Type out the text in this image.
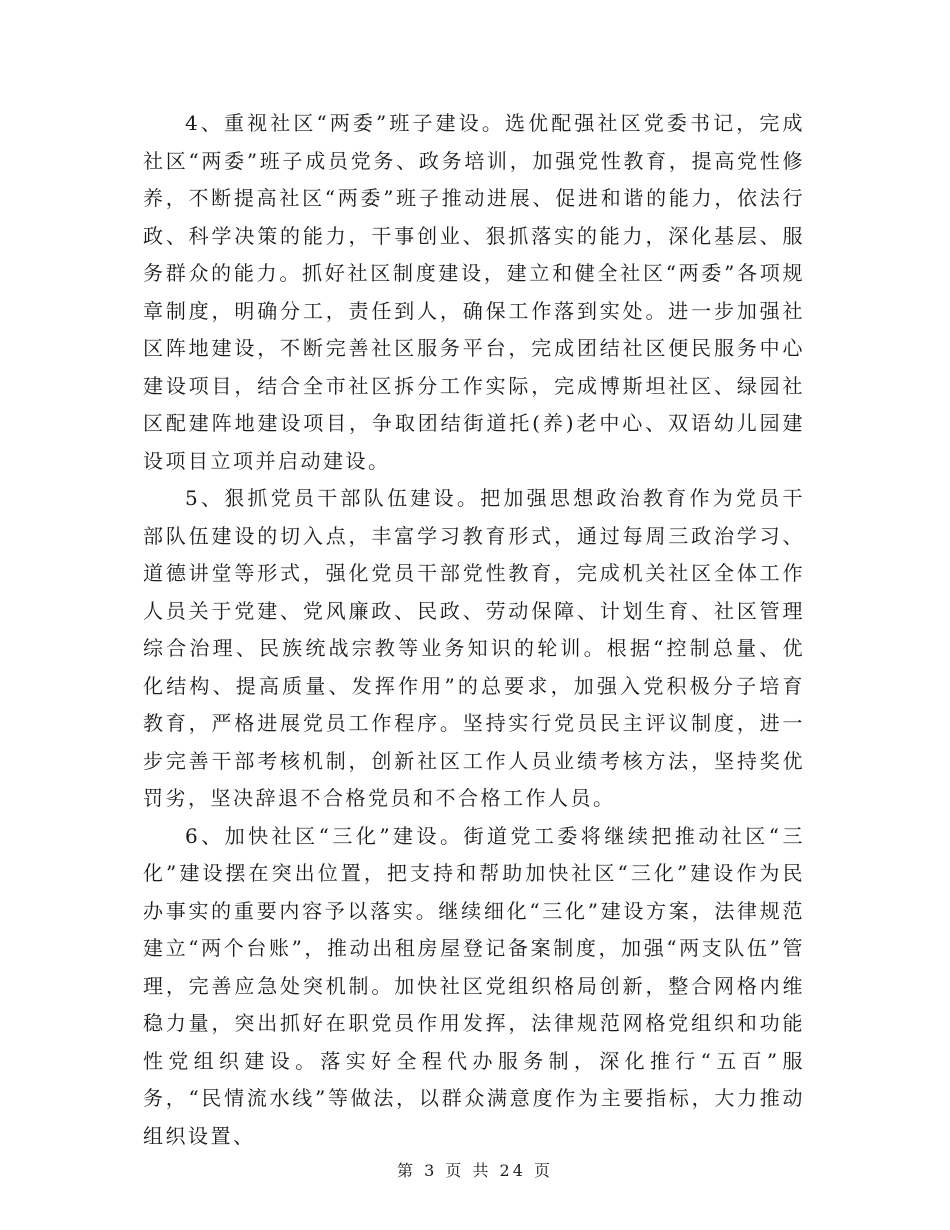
4、重视社区“两委”班子建设。选优配强社区党委书记，完成社区“两委”班子成员党务、政务培训，加强党性教育，提高党性修养，不断提高社区“两委”班子推动进展、促进和谐的能力，依法行政、科学决策的能力，干事创业、狠抓落实的能力，深化基层、服务群众的能力。抓好社区制度建设，建立和健全社区“两委”各项规章制度，明确分工，责任到人，确保工作落到实处。进一步加强社区阵地建设，不断完善社区服务平台，完成团结社区便民服务中心建设项目，结合全市社区拆分工作实际，完成博斯坦社区、绿园社区配建阵地建设项目，争取团结街道托(养)老中心、双语幼儿园建设项目立项并启动建设。

5、狠抓党员干部队伍建设。把加强思想政治教育作为党员干部队伍建设的切入点，丰富学习教育形式，通过每周三政治学习、道德讲堂等形式，强化党员干部党性教育，完成机关社区全体工作人员关于党建、党风廉政、民政、劳动保障、计划生育、社区管理综合治理、民族统战宗教等业务知识的轮训。根据“控制总量、优化结构、提高质量、发挥作用”的总要求，加强入党积极分子培育教育，严格进展党员工作程序。坚持实行党员民主评议制度，进一步完善干部考核机制，创新社区工作人员业绩考核方法，坚持奖优罚劣，坚决辞退不合格党员和不合格工作人员。

6、加快社区“三化”建设。街道党工委将继续把推动社区“三化”建设摆在突出位置，把支持和帮助加快社区“三化”建设作为民办事实的重要内容予以落实。继续细化“三化”建设方案，法律规范建立“两个台账”，推动出租房屋登记备案制度，加强“两支队伍”管理，完善应急处突机制。加快社区党组织格局创新，整合网格内维稳力量，突出抓好在职党员作用发挥，法律规范网格党组织和功能性党组织建设。落实好全程代办服务制，深化推行“五百”服务，“民情流水线”等做法，以群众满意度作为主要指标，大力推动组织设置、

第 3 页 共 24 页
